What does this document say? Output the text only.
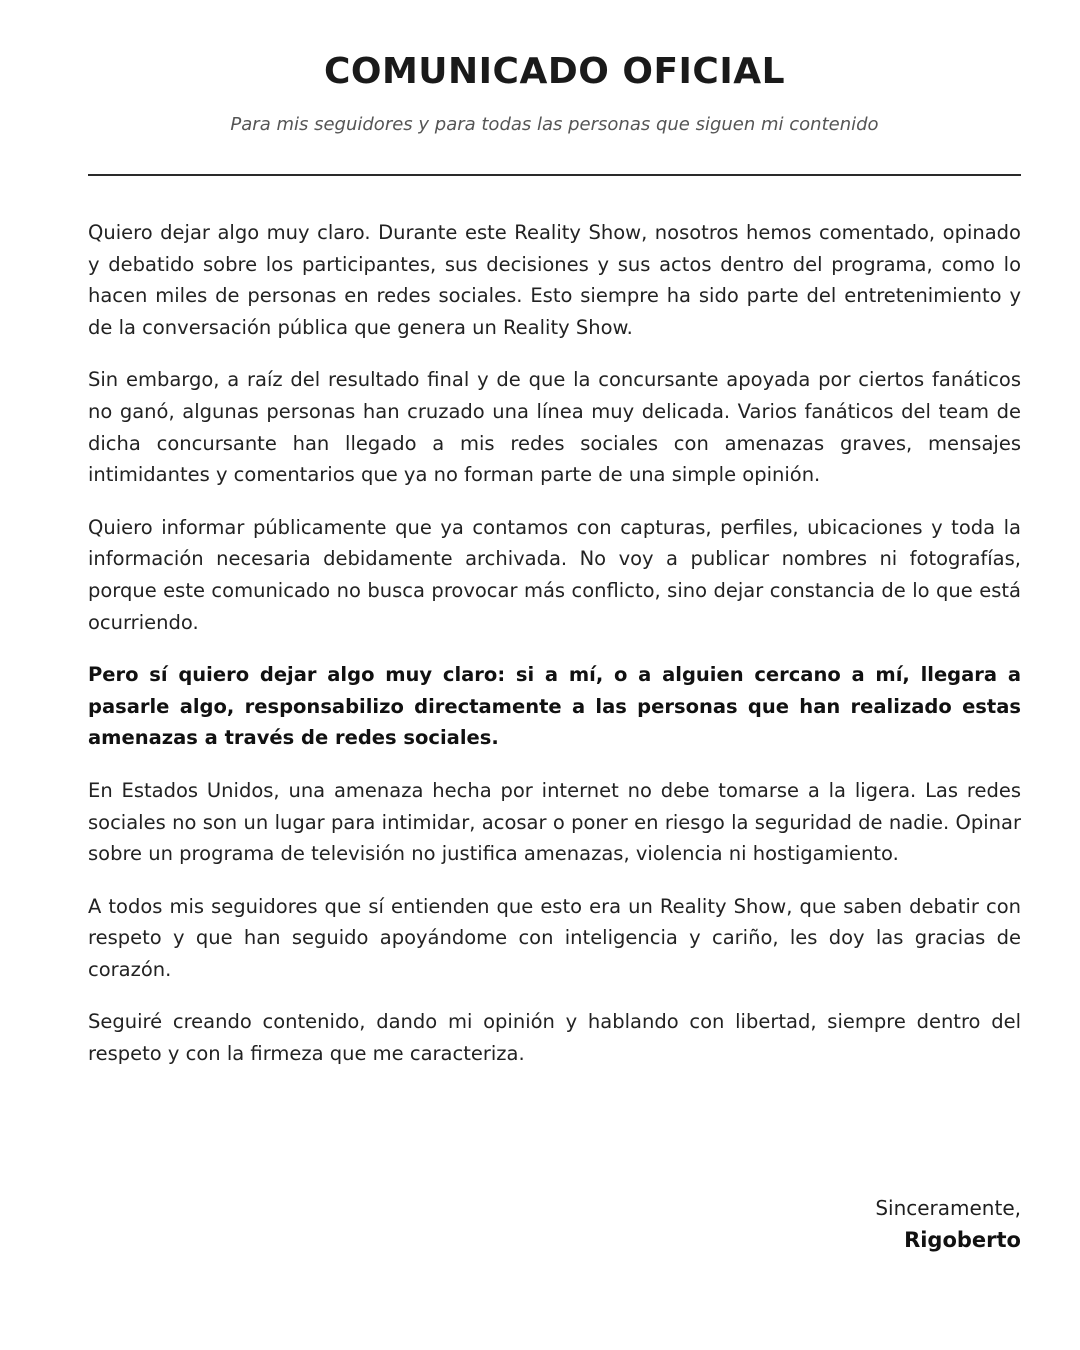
COMUNICADO OFICIAL

Para mis seguidores y para todas las personas que siguen mi contenido

Quiero dejar algo muy claro. Durante este Reality Show, nosotros hemos comentado, opinado y debatido sobre los participantes, sus decisiones y sus actos dentro del programa, como lo hacen miles de personas en redes sociales. Esto siempre ha sido parte del entretenimiento y de la conversación pública que genera un Reality Show.

Sin embargo, a raíz del resultado final y de que la concursante apoyada por ciertos fanáticos no ganó, algunas personas han cruzado una línea muy delicada. Varios fanáticos del team de dicha concursante han llegado a mis redes sociales con amenazas graves, mensajes intimidantes y comentarios que ya no forman parte de una simple opinión.

Quiero informar públicamente que ya contamos con capturas, perfiles, ubicaciones y toda la información necesaria debidamente archivada. No voy a publicar nombres ni fotografías, porque este comunicado no busca provocar más conflicto, sino dejar constancia de lo que está ocurriendo.

Pero sí quiero dejar algo muy claro: si a mí, o a alguien cercano a mí, llegara a pasarle algo, responsabilizo directamente a las personas que han realizado estas amenazas a través de redes sociales.

En Estados Unidos, una amenaza hecha por internet no debe tomarse a la ligera. Las redes sociales no son un lugar para intimidar, acosar o poner en riesgo la seguridad de nadie. Opinar sobre un programa de televisión no justifica amenazas, violencia ni hostigamiento.

A todos mis seguidores que sí entienden que esto era un Reality Show, que saben debatir con respeto y que han seguido apoyándome con inteligencia y cariño, les doy las gracias de corazón.

Seguiré creando contenido, dando mi opinión y hablando con libertad, siempre dentro del respeto y con la firmeza que me caracteriza.

Sinceramente,
Rigoberto
